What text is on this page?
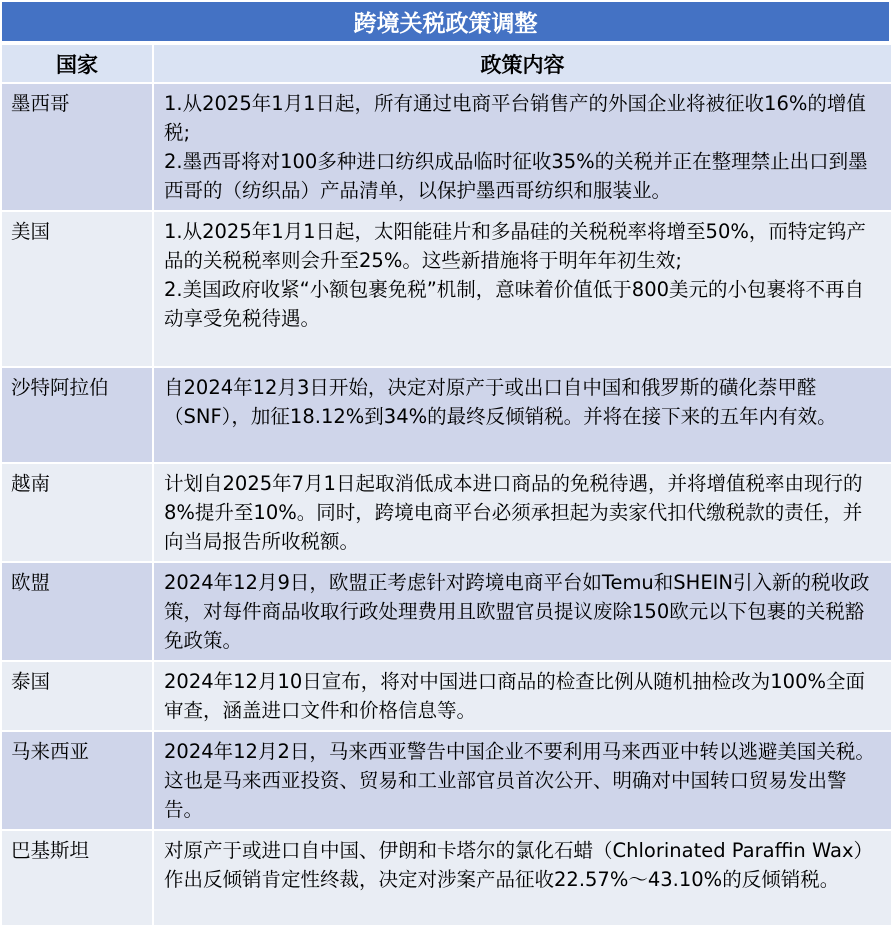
跨境关税政策调整
国家	政策内容
墨西哥	1.从2025年1月1日起，所有通过电商平台销售产的外国企业将被征收16%的增值税;
2.墨西哥将对100多种进口纺织成品临时征收35%的关税并正在整理禁止出口到墨西哥的（纺织品）产品清单，以保护墨西哥纺织和服装业。

美国	1.从2025年1月1日起，太阳能硅片和多晶硅的关税税率将增至50%，而特定钨产品的关税税率则会升至25%。这些新措施将于明年年初生效;
2.美国政府收紧“小额包裹免税”机制，意味着价值低于800美元的小包裹将不再自动享受免税待遇。

沙特阿拉伯	自2024年12月3日开始，决定对原产于或出口自中国和俄罗斯的磺化萘甲醛（SNF），加征18.12%到34%的最终反倾销税。并将在接下来的五年内有效。

越南	计划自2025年7月1日起取消低成本进口商品的免税待遇，并将增值税率由现行的8%提升至10%。同时，跨境电商平台必须承担起为卖家代扣代缴税款的责任，并向当局报告所收税额。

欧盟	2024年12月9日，欧盟正考虑针对跨境电商平台如Temu和SHEIN引入新的税收政策，对每件商品收取行政处理费用且欧盟官员提议废除150欧元以下包裹的关税豁免政策。

泰国	2024年12月10日宣布，将对中国进口商品的检查比例从随机抽检改为100%全面审查，涵盖进口文件和价格信息等。

马来西亚	2024年12月2日，马来西亚警告中国企业不要利用马来西亚中转以逃避美国关税。这也是马来西亚投资、贸易和工业部官员首次公开、明确对中国转口贸易发出警告。

巴基斯坦	对原产于或进口自中国、伊朗和卡塔尔的氯化石蜡（Chlorinated Paraffin Wax）作出反倾销肯定性终裁，决定对涉案产品征收22.57%～43.10%的反倾销税。
